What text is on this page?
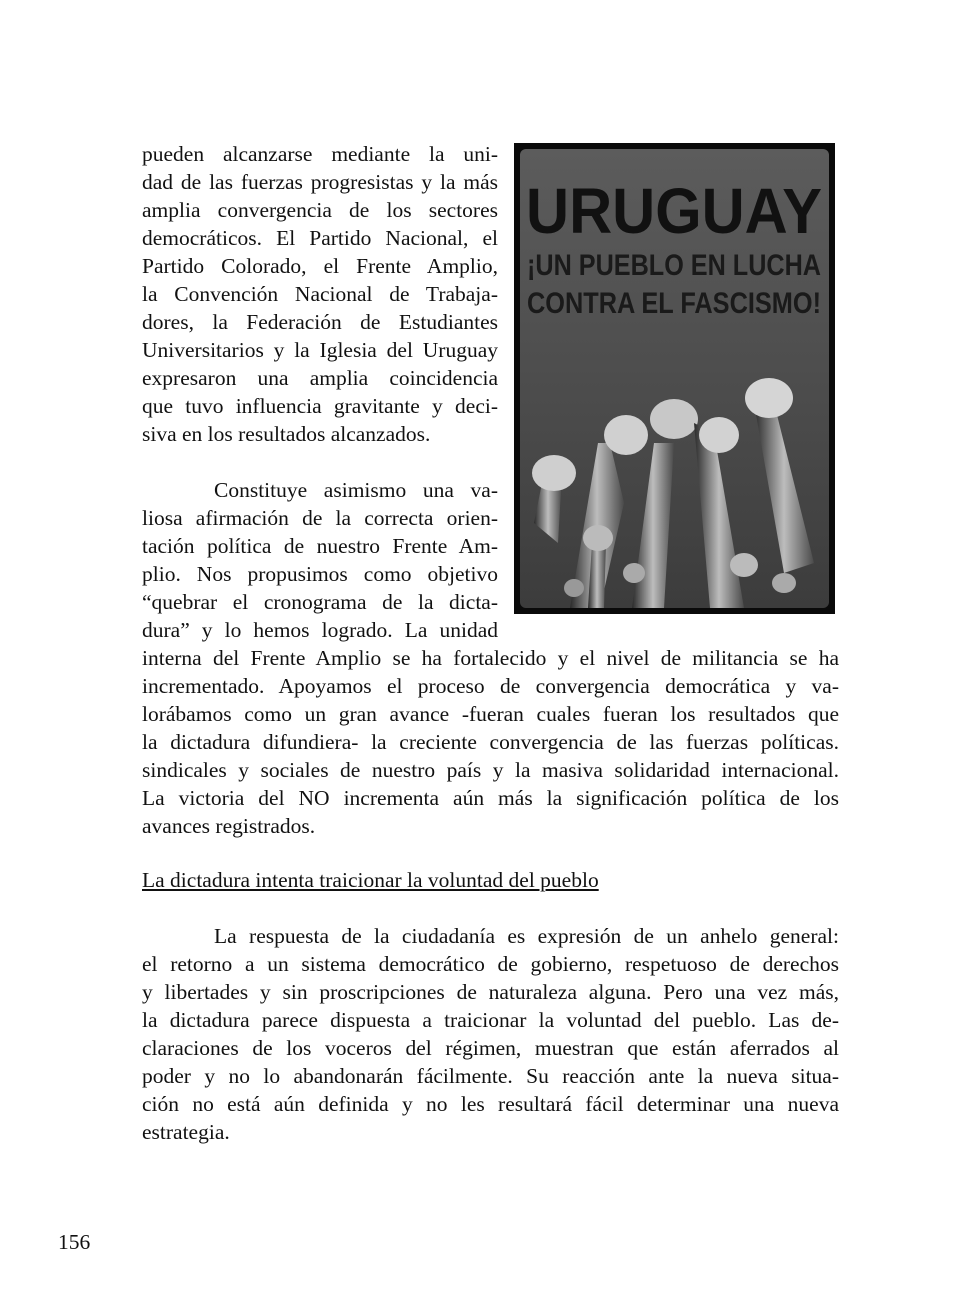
pueden alcanzarse mediante la uni-
dad de las fuerzas progresistas y la más
amplia convergencia de los sectores
democráticos. El Partido Nacional, el
Partido Colorado, el Frente Amplio,
la Convención Nacional de Trabaja-
dores, la Federación de Estudiantes
Universitarios y la Iglesia del Uruguay
expresaron una amplia coincidencia
que tuvo influencia gravitante y deci-
siva en los resultados alcanzados.
Constituye asimismo una va-
liosa afirmación de la correcta orien-
tación política de nuestro Frente Am-
plio. Nos propusimos como objetivo
“quebrar el cronograma de la dicta-
dura” y lo hemos logrado. La unidad
interna del Frente Amplio se ha fortalecido y el nivel de militancia se ha
incrementado. Apoyamos el proceso de convergencia democrática y va-
lorábamos como un gran avance -fueran cuales fueran los resultados que
la dictadura difundiera- la creciente convergencia de las fuerzas políticas.
sindicales y sociales de nuestro país y la masiva solidaridad internacional.
La victoria del NO incrementa aún más la significación política de los
avances registrados.
La dictadura intenta traicionar la voluntad del pueblo
La respuesta de la ciudadanía es expresión de un anhelo general:
el retorno a un sistema democrático de gobierno, respetuoso de derechos
y libertades y sin proscripciones de naturaleza alguna. Pero una vez más,
la dictadura parece dispuesta a traicionar la voluntad del pueblo. Las de-
claraciones de los voceros del régimen, muestran que están aferrados al
poder y no lo abandonarán fácilmente. Su reacción ante la nueva situa-
ción no está aún definida y no les resultará fácil determinar una nueva
estrategia.
URUGUAY
¡UN PUEBLO EN LUCHA
CONTRA EL FASCISMO!
156
